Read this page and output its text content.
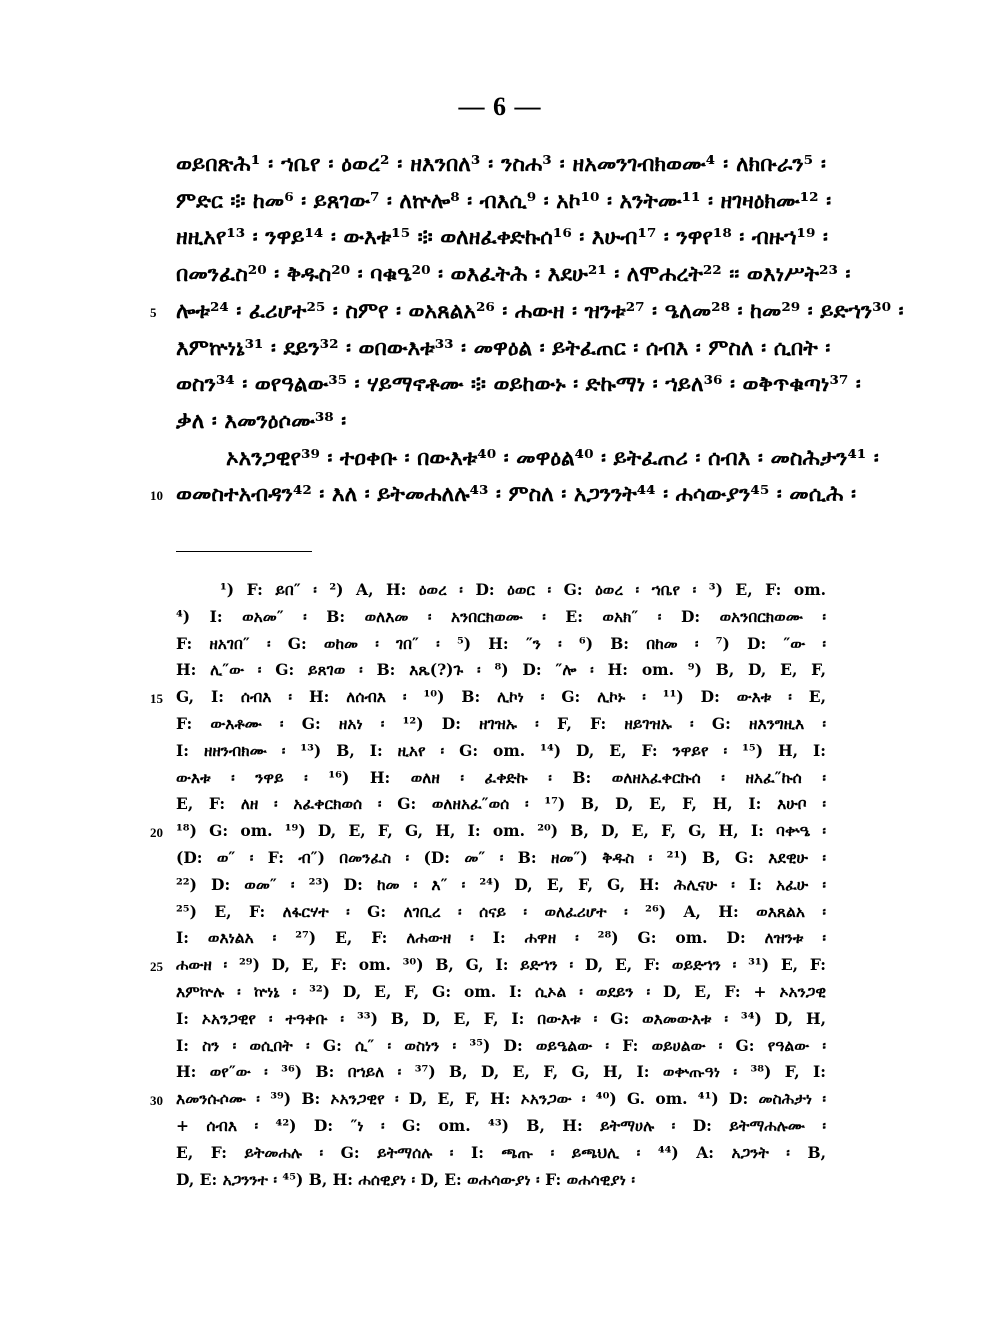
— 6 —
ወይበጽሕ¹ ፡ ኀቤየ ፡ ዕወረ² ፡ ዘእንበለ³ ፡ ንስሐ³ ፡ ዘአመንገብክወሙ⁴ ፡ ለክቡራን⁵ ፡
ምድር ፨ ከመ⁶ ፡ ይጸገው⁷ ፡ ለኵሎ⁸ ፡ ብእሲ⁹ ፡ አኮ¹⁰ ፡ አንትሙ¹¹ ፡ ዘገዛዕክሙ¹² ፡
ዘዚአየ¹³ ፡ ንዋይ¹⁴ ፡ ውእቱ¹⁵ ፨ ወለዘፈቀድኩሰ¹⁶ ፡ እሁብ¹⁷ ፡ ንዋየ¹⁸ ፡ ብዙኀ¹⁹ ፡
በመንፈስ²⁰ ፡ ቅዱስ²⁰ ፡ ባቁዔ²⁰ ፡ ወእፈትሕ ፡ እደሁ²¹ ፡ ለሞሐረት²² ፡፡ ወእነሥት²³ ፡
ሎቱ²⁴ ፡ ፈሪሆተ²⁵ ፡ ስምየ ፡ ወአጸልአ²⁶ ፡ ሐውዘ ፡ ዝንቱ²⁷ ፡ ዔለመ²⁸ ፡ ከመ²⁹ ፡ ይድኀን³⁰ ፡
5
እምኵነኔ³¹ ፡ ደይን³² ፡ ወበውእቱ³³ ፡ መዋዕል ፡ ይትፈጠር ፡ ሰብእ ፡ ምስለ ፡ ሲበት ፡
ወስን³⁴ ፡ ወየዓልው³⁵ ፡ ሃይማኖቶሙ ፨ ወይከውኑ ፡ ድኩማነ ፡ ኀይለ³⁶ ፡ ወቅጥቁጣነ³⁷ ፡
ቃለ ፡ እመንዕሶሙ³⁸ ፡
ኦአንጋዊየ³⁹ ፡ ተዐቀቡ ፡ በውእቱ⁴⁰ ፡ መዋዕል⁴⁰ ፡ ይትፈጠሪ ፡ ሰብእ ፡ መስሕታን⁴¹ ፡
ወመስተአብዳን⁴² ፡ እለ ፡ ይትመሐለሉ⁴³ ፡ ምስለ ፡ አጋንንት⁴⁴ ፡ ሐሳውያን⁴⁵ ፡ መሲሕ ፡
10
¹) F: ይበ″ ፡ ²) A, H: ዕወረ ፡ D: ዕወር ፡ G: ዕወረ ፡ ኀቤየ ፡ ³) E, F: om.
⁴) I: ወአመ″ ፡ B: ወለእመ ፡ አንበርክወሙ ፡ E: ወአክ″ ፡ D: ወአንበርክወሙ ፡
F: ዘአገበ″ ፡ G: ወከመ ፡ ገበ″ ፡ ⁵) H: ″ን ፡ ⁶) B: በከመ ፡ ⁷) D: ″ው ፡
H: ሊ″ው ፡ G: ይጸገወ ፡ B: እጼ(?)ጉ ፡ ⁸) D: ″ሎ ፡ H: om. ⁹) B, D, E, F,
G, I: ሰብእ ፡ H: ለሰብእ ፡ ¹⁰) B: ሊኮነ ፡ G: ሊኮኑ ፡ ¹¹) D: ውእቱ ፡ E,
15
F: ውእቶሙ ፡ G: ዘአነ ፡ ¹²) D: ዘገዝኡ ፡ F, F: ዘይገዝኡ ፡ G: ዘእንግዚእ ፡
I: ዘዘንብክሙ ፡ ¹³) B, I: ዚአየ ፡ G: om. ¹⁴) D, E, F: ንዋይየ ፡ ¹⁵) H, I:
ውእቱ ፡ ንዋይ ፡ ¹⁶) H: ወለዘ ፡ ፈቀድኩ ፡ B: ወለዘአፈቀርኩሰ ፡ ዘአፈ″ኩሰ ፡
E, F: ለዘ ፡ አፈቀርክወሰ ፡ G: ወለዘአፈ″ወሰ ፡ ¹⁷) B, D, E, F, H, I: እሁቦ ፡
¹⁸) G: om. ¹⁹) D, E, F, G, H, I: om. ²⁰) B, D, E, F, G, H, I: ባቍዔ ፡
20
(D: ወ″ ፡ F: ብ″) በመንፈስ ፡ (D: መ″ ፡ B: ዘመ″) ቅዱስ ፡ ²¹) B, G: እደዊሁ ፡
²²) D: ወመ″ ፡ ²³) D: ከመ ፡ እ″ ፡ ²⁴) D, E, F, G, H: ሕሊናሁ ፡ I: አፈሁ ፡
²⁵) E, F: ለፋርሃተ ፡ G: ለገቢረ ፡ ሰናይ ፡ ወለፈሪሆተ ፡ ²⁶) A, H: ወእጸልአ ፡
I: ወእነልአ ፡ ²⁷) E, F: ለሐውዘ ፡ I: ሐዋዘ ፡ ²⁸) G: om. D: ለዝንቱ ፡
ሐውዘ ፡ ²⁹) D, E, F: om. ³⁰) B, G, I: ይድኀን ፡ D, E, F: ወይድኀን ፡ ³¹) E, F:
25
እምኵሉ ፡ ኵነኔ ፡ ³²) D, E, F, G: om. I: ሲኦል ፡ ወደይን ፡ D, E, F: + ኦአንጋዊ
I: ኦአንጋዊየ ፡ ተዓቀቡ ፡ ³³) B, D, E, F, I: በውእቱ ፡ G: ወእመውእቱ ፡ ³⁴) D, H,
I: ስን ፡ ወሲበት ፡ G: ሲ″ ፡ ወስነን ፡ ³⁵) D: ወይዔልው ፡ F: ወይሀልው ፡ G: የዓልው ፡
H: ወየ″ው ፡ ³⁶) B: በኀይለ ፡ ³⁷) B, D, E, F, G, H, I: ወቍጡዓነ ፡ ³⁸) F, I:
እመንሱሶሙ ፡ ³⁹) B: ኦአንጋዊየ ፡ D, E, F, H: ኦአንጋው ፡ ⁴⁰) G. om. ⁴¹) D: መስሕታነ ፡
30
+ ሰብእ ፡ ⁴²) D: ″ነ ፡ G: om. ⁴³) B, H: ይትማሀሉ ፡ D: ይትማሐሉሙ ፡
E, F: ይትመሐሉ ፡ G: ይትማሰሉ ፡ I: ጫጡ ፡ ይጫህሊ ፡ ⁴⁴) A: አጋንት ፡ B,
D, E: አጋንንተ ፡ ⁴⁵) B, H: ሐሰዊያነ ፡ D, E: ወሐሳውያነ ፡ F: ወሐሳዊያነ ፡
